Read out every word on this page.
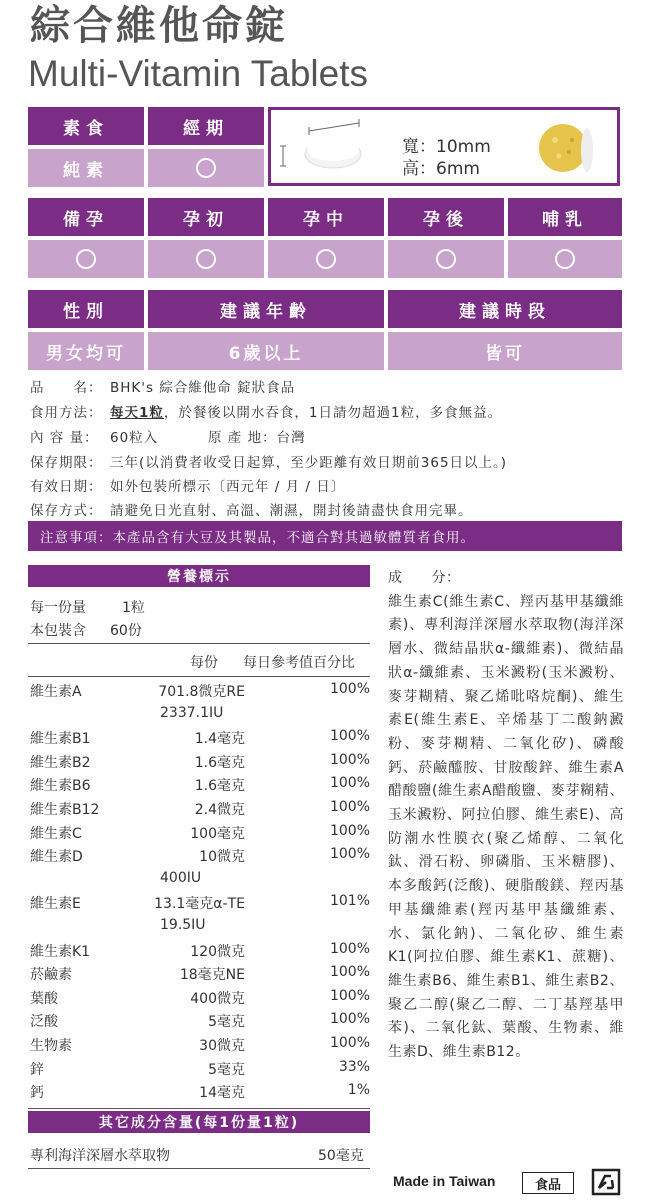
綜合維他命錠
Multi-Vitamin Tablets
素食	經期
純素
寬：10mm
高：6mm
備孕	孕初	孕中	孕後	哺乳
性別	建議年齡	建議時段
男女均可	6歲以上	皆可
品　　名： BHK's 綜合維他命 錠狀食品
食用方法： 每天1粒，於餐後以開水吞食，1日請勿超過1粒，多食無益。
內 容 量： 60粒入	原 產 地：台灣
保存期限： 三年(以消費者收受日起算，至少距離有效日期前365日以上。)
有效日期： 如外包裝所標示〔西元年 / 月 / 日〕
保存方式： 請避免日光直射、高溫、潮濕，開封後請盡快食用完畢。
注意事項：本產品含有大豆及其製品，不適合對其過敏體質者食用。
營養標示
每一份量	1粒
本包裝含 60份
每份 每日參考值百分比
維生素A	701.8微克RE	100%
2337.1IU
維生素B1	1.4毫克	100%
維生素B2	1.6毫克	100%
維生素B6	1.6毫克	100%
維生素B12	2.4微克	100%
維生素C	100毫克	100%
維生素D	10微克	100%
400IU
維生素E	13.1毫克α-TE	101%
19.5IU
維生素K1	120微克	100%
菸鹼素	18毫克NE	100%
葉酸	400微克	100%
泛酸	5毫克	100%
生物素	30微克	100%
鋅	5毫克	33%
鈣	14毫克	1%
其它成分含量(每1份量1粒)
專利海洋深層水萃取物	50毫克
成　　分：
維生素C(維生素C、羥丙基甲基纖維素)、專利海洋深層水萃取物(海洋深層水、微結晶狀α-纖維素)、微結晶狀α-纖維素、玉米澱粉(玉米澱粉、麥芽糊精、聚乙烯吡咯烷酮)、維生素E(維生素E、辛烯基丁二酸鈉澱粉、麥芽糊精、二氧化矽)、磷酸鈣、菸鹼醯胺、甘胺酸鋅、維生素A醋酸鹽(維生素A醋酸鹽、麥芽糊精、玉米澱粉、阿拉伯膠、維生素E)、高防潮水性膜衣(聚乙烯醇、二氧化鈦、滑石粉、卵磷脂、玉米糖膠)、本多酸鈣(泛酸)、硬脂酸鎂、羥丙基甲基纖維素(羥丙基甲基纖維素、水、氯化鈉)、二氧化矽、維生素K1(阿拉伯膠、維生素K1、蔗糖)、維生素B6、維生素B1、維生素B2、聚乙二醇(聚乙二醇、二丁基羥基甲苯)、二氧化鈦、葉酸、生物素、維生素D、維生素B12。
Made in Taiwan	食品
